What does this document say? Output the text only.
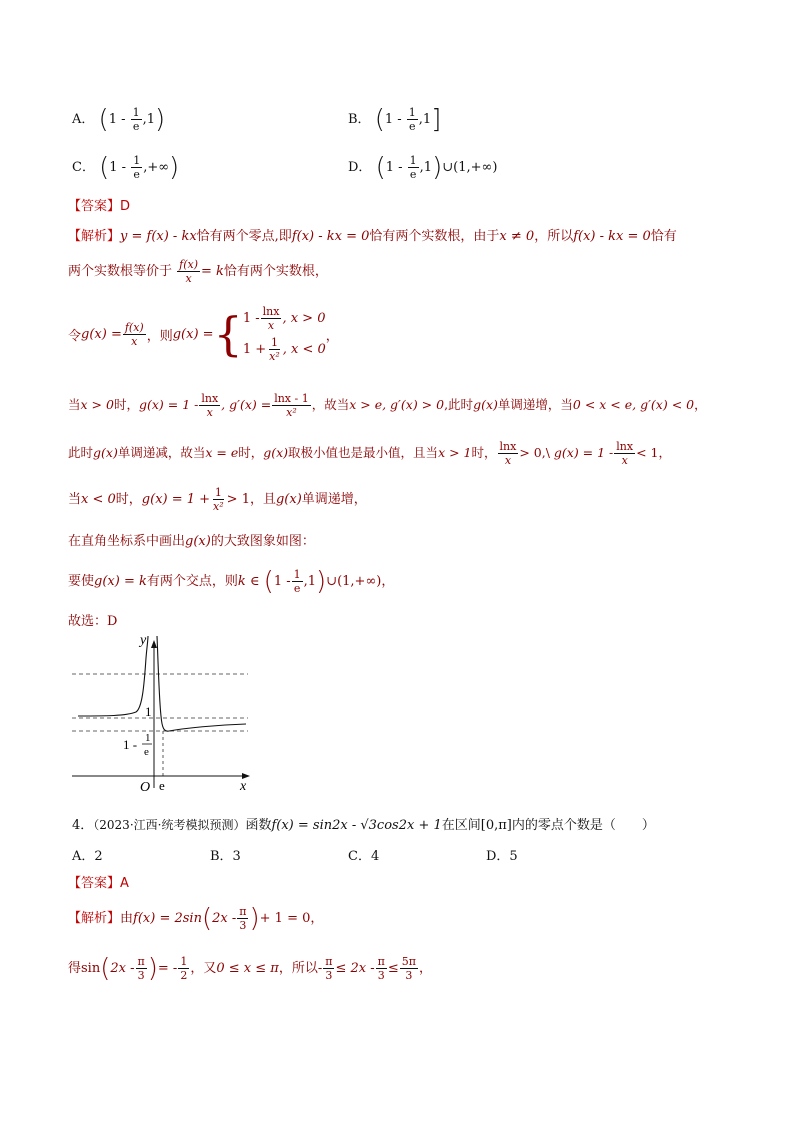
A． $(1 - \frac{1}{e} ,1)$	B． $(1 - \frac{1}{e} ,1]$
C． ($1 - \frac{1}{e}$ ,+∞)	D． ($1 - \frac{1}{e}$ ,1)∪(1,+∞)
【答案】D
【解析】y = f(x) - kx恰有两个零点,即f(x) - kx = 0恰有两个实数根，由于x ≠ 0，所以f(x) - kx = 0恰有
两个实数根等价于 $\frac{f(x)}{x} = k$恰有两个实数根，
令 $g(x) = \frac{f(x)}{x}$ ，则 g(x) = { $1 - \frac{\ln x}{x}$ , x > 0
$1 + \frac{1}{\text{x²}}$ , x < 0
，
当x > 0时，$g(x) = 1 - \frac{\ln x}{x}$ , $g'(x) = \frac{\ln x - 1}{\text{x²}}$ ，故当x > e, g′(x) > 0,此时g(x)单调递增，当0 < x < e, g′(x) < 0，
此时g(x)单调递减，故当x = e时，g(x)取极小值也是最小值，且当x > 1时， $\frac{\ln x}{x}$ > 0,\ $g(x) = 1 - \frac{\ln x}{x} < 1$，
当x < 0时，$g(x) = 1 + \frac{1}{\text{x²}} > 1$，且g(x)单调递增，
在直角坐标系中画出g(x)的大致图象如图：
要使g(x) = k有两个交点，则k ∈ ($1 - \frac{1}{e}$ ,1)∪(1,+∞)，
故选：D
y
x
O e
1
1 - 1
e
4．（2023·江西·统考模拟预测）函数f(x) = sin2x - √3cos2x + 1在区间[0,π]内的零点个数是（　　）
A．2	B．3	C．4	D．5
【答案】A
【解析】由$f(x) = 2\sin(2x - \frac{\pi}{3}$ )+ 1 = 0，
得$\sin(2x - \frac{\pi}{3}$ )= - $\frac{1}{2}$ ，又0 ≤ x ≤ π，所以- $\frac{\pi}{3} \le 2x - \frac{\pi}{3} \le \frac{5\pi}{3}$ ，
